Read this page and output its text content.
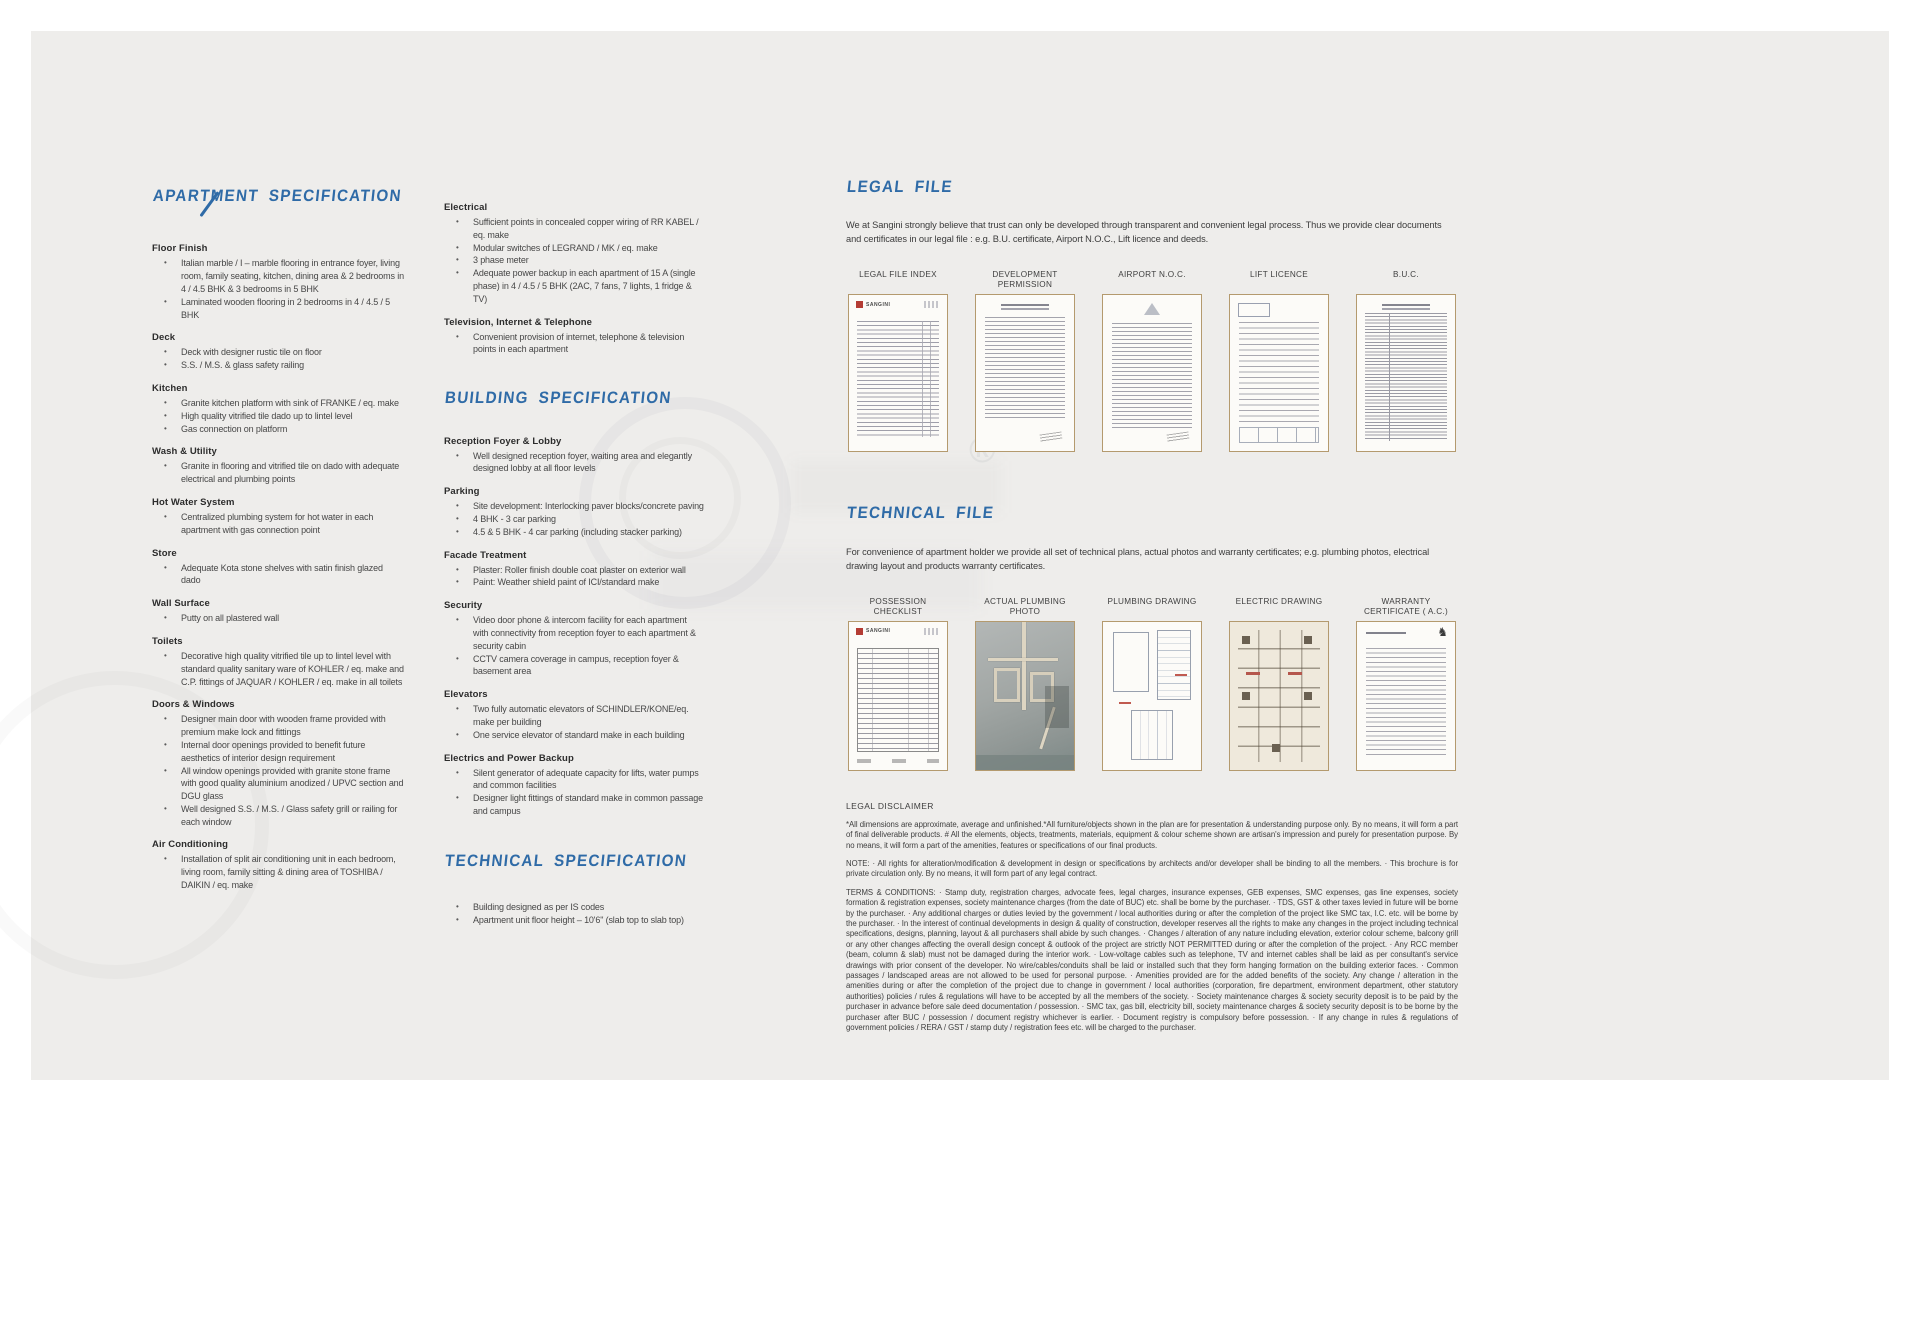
APARTMENT SPECIFICATION
Floor Finish
•	Italian marble / I – marble flooring in entrance foyer, living room, family seating, kitchen, dining area & 2 bedrooms in 4 / 4.5 BHK & 3 bedrooms in 5 BHK
•	Laminated wooden flooring in 2 bedrooms in 4 / 4.5 / 5 BHK
Deck
•	Deck with designer rustic tile on floor
•	S.S. / M.S. & glass safety railing
Kitchen
•	Granite kitchen platform with sink of FRANKE / eq. make
•	High quality vitrified tile dado up to lintel level
•	Gas connection on platform
Wash & Utility
•	Granite in flooring and vitrified tile on dado with adequate electrical and plumbing points
Hot Water System
•	Centralized plumbing system for hot water in each apartment with gas connection point
Store
•	Adequate Kota stone shelves with satin finish glazed dado
Wall Surface
•	Putty on all plastered wall
Toilets
•	Decorative high quality vitrified tile up to lintel level with standard quality sanitary ware of KOHLER / eq. make and C.P. fittings of JAQUAR / KOHLER / eq. make in all toilets
Doors & Windows
•	Designer main door with wooden frame provided with premium make lock and fittings
•	Internal door openings provided to benefit future aesthetics of interior design requirement
•	All window openings provided with granite stone frame with good quality aluminium anodized / UPVC section and DGU glass
•	Well designed S.S. / M.S. / Glass safety grill or railing for each window
Air Conditioning
•	Installation of split air conditioning unit in each bedroom, living room, family sitting & dining area of TOSHIBA / DAIKIN / eq. make
Electrical
•	Sufficient points in concealed copper wiring of RR KABEL / eq. make
•	Modular switches of LEGRAND / MK / eq. make
•	3 phase meter
•	Adequate power backup in each apartment of 15 A (single phase) in 4 / 4.5 / 5 BHK (2AC, 7 fans, 7 lights, 1 fridge & TV)
Television, Internet & Telephone
•	Convenient provision of internet, telephone & television points in each apartment
BUILDING SPECIFICATION
Reception Foyer & Lobby
•	Well designed reception foyer, waiting area and elegantly designed lobby at all floor levels
Parking
•	Site development: Interlocking paver blocks/concrete paving
•	4 BHK - 3 car parking
•	4.5 & 5 BHK - 4 car parking (including stacker parking)
Facade Treatment
•	Plaster: Roller finish double coat plaster on exterior wall
•	Paint: Weather shield paint of ICI/standard make
Security
•	Video door phone & intercom facility for each apartment with connectivity from reception foyer to each apartment & security cabin
•	CCTV camera coverage in campus, reception foyer & basement area
Elevators
•	Two fully automatic elevators of SCHINDLER/KONE/eq. make per building
•	One service elevator of standard make in each building
Electrics and Power Backup
•	Silent generator of adequate capacity for lifts, water pumps and common facilities
•	Designer light fittings of standard make in common passage and campus
TECHNICAL SPECIFICATION
•	Building designed as per IS codes
•	Apartment unit floor height – 10'6" (slab top to slab top)
LEGAL FILE

We at Sangini strongly believe that trust can only be developed through transparent and convenient legal process. Thus we provide clear documents and certificates in our legal file : e.g. B.U. certificate, Airport N.O.C., Lift licence and deeds.

LEGAL FILE INDEX
SANGINI
DEVELOPMENT PERMISSION
AIRPORT N.O.C.	LIFT LICENCE	B.U.C.
TECHNICAL FILE

For convenience of apartment holder we provide all set of technical plans, actual photos and warranty certificates; e.g. plumbing photos, electrical drawing layout and products warranty certificates.

POSSESSION CHECKLIST
SANGINI
ACTUAL PLUMBING PHOTO
PLUMBING DRAWING	ELECTRIC DRAWING	WARRANTY CERTIFICATE ( A.C.)
♞
LEGAL DISCLAIMER

*All dimensions are approximate, average and unfinished.*All furniture/objects shown in the plan are for presentation & understanding purpose only. By no means, it will form a part of final deliverable products. # All the elements, objects, treatments, materials, equipment & colour scheme shown are artisan's impression and purely for presentation purpose. By no means, it will form a part of the amenities, features or specifications of our final products.

NOTE: · All rights for alteration/modification & development in design or specifications by architects and/or developer shall be binding to all the members. · This brochure is for private circulation only. By no means, it will form part of any legal contract.

TERMS & CONDITIONS: · Stamp duty, registration charges, advocate fees, legal charges, insurance expenses, GEB expenses, SMC expenses, gas line expenses, society formation & registration expenses, society maintenance charges (from the date of BUC) etc. shall be borne by the purchaser. · TDS, GST & other taxes levied in future will be borne by the purchaser. · Any additional charges or duties levied by the government / local authorities during or after the completion of the project like SMC tax, I.C. etc. will be borne by the purchaser. · In the interest of continual developments in design & quality of construction, developer reserves all the rights to make any changes in the project including technical specifications, designs, planning, layout & all purchasers shall abide by such changes. · Changes / alteration of any nature including elevation, exterior colour scheme, balcony grill or any other changes affecting the overall design concept & outlook of the project are strictly NOT PERMITTED during or after the completion of the project. · Any RCC member (beam, column & slab) must not be damaged during the interior work. · Low-voltage cables such as telephone, TV and internet cables shall be laid as per consultant's service drawings with prior consent of the developer. No wire/cables/conduits shall be laid or installed such that they form hanging formation on the building exterior faces. · Common passages / landscaped areas are not allowed to be used for personal purpose. · Amenities provided are for the added benefits of the society. Any change / alteration in the amenities during or after the completion of the project due to change in government / local authorities (corporation, fire department, environment department, other statutory authorities) policies / rules & regulations will have to be accepted by all the members of the society. · Society maintenance charges & society security deposit is to be paid by the purchaser in advance before sale deed documentation / possession. · SMC tax, gas bill, electricity bill, society maintenance charges & society security deposit is to be borne by the purchaser after BUC / possession / document registry whichever is earlier. · Document registry is compulsory before possession. · If any change in rules & regulations of government policies / RERA / GST / stamp duty / registration fees etc. will be charged to the purchaser.
